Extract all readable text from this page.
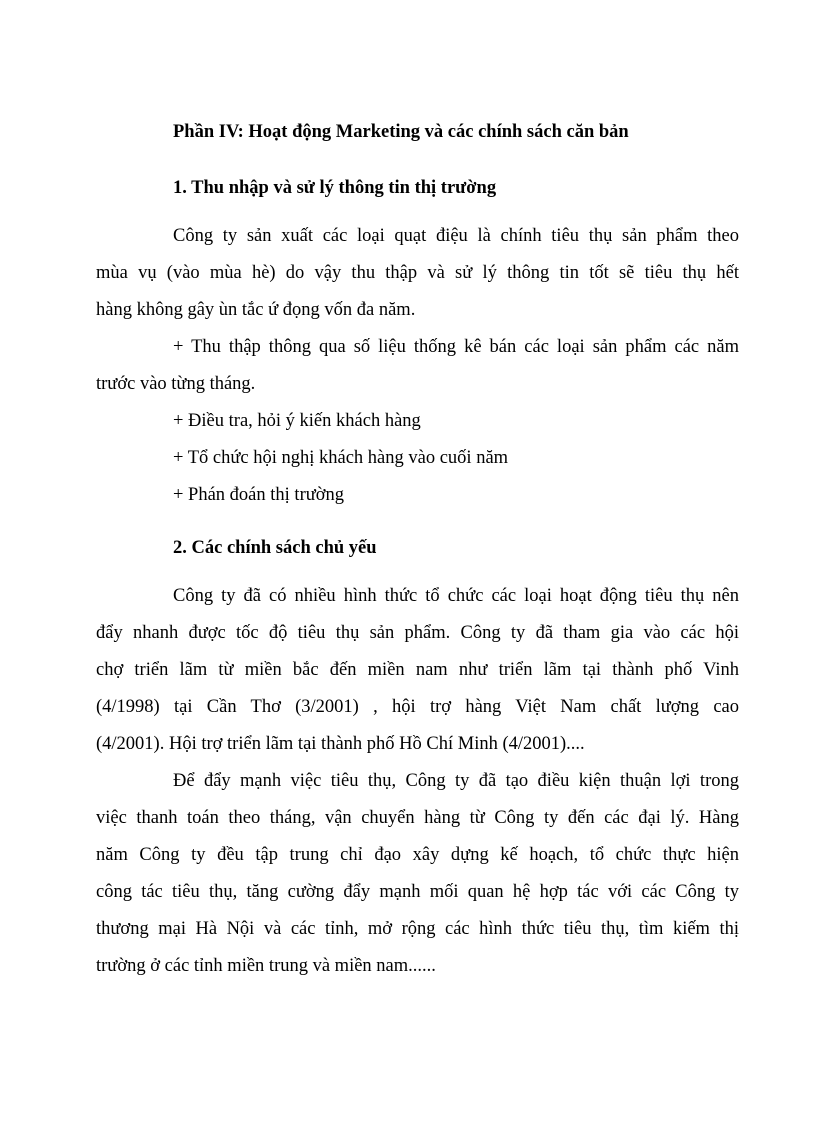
Phần IV: Hoạt động Marketing và các chính sách căn bản

1. Thu nhập và sử lý thông tin thị trường

Công ty sản xuất các loại quạt điệu là chính tiêu thụ sản phẩm theo
mùa vụ (vào mùa hè) do vậy thu thập và sử lý thông tin tốt sẽ tiêu thụ hết
hàng không gây ùn tắc ứ đọng vốn đa năm.

+ Thu thập thông qua số liệu thống kê bán các loại sản phẩm các năm
trước vào từng tháng.

+ Điều tra, hỏi ý kiến khách hàng

+ Tổ chức hội nghị khách hàng vào cuối năm

+ Phán đoán thị trường

2. Các chính sách chủ yếu

Công ty đã có nhiều hình thức tổ chức các loại hoạt động tiêu thụ nên
đẩy nhanh được tốc độ tiêu thụ sản phẩm. Công ty đã tham gia vào các hội
chợ triển lãm từ miền bắc đến miền nam như triển lãm tại thành phố Vinh
(4/1998) tại Cần Thơ (3/2001) , hội trợ hàng Việt Nam chất lượng cao
(4/2001). Hội trợ triển lãm tại thành phố Hồ Chí Minh (4/2001)....

Để đẩy mạnh việc tiêu thụ, Công ty đã tạo điều kiện thuận lợi trong
việc thanh toán theo tháng, vận chuyển hàng từ Công ty đến các đại lý. Hàng
năm Công ty đều tập trung chỉ đạo xây dựng kế hoạch, tổ chức thực hiện
công tác tiêu thụ, tăng cường đẩy mạnh mối quan hệ hợp tác với các Công ty
thương mại Hà Nội và các tỉnh, mở rộng các hình thức tiêu thụ, tìm kiếm thị
trường ở các tỉnh miền trung và miền nam......
